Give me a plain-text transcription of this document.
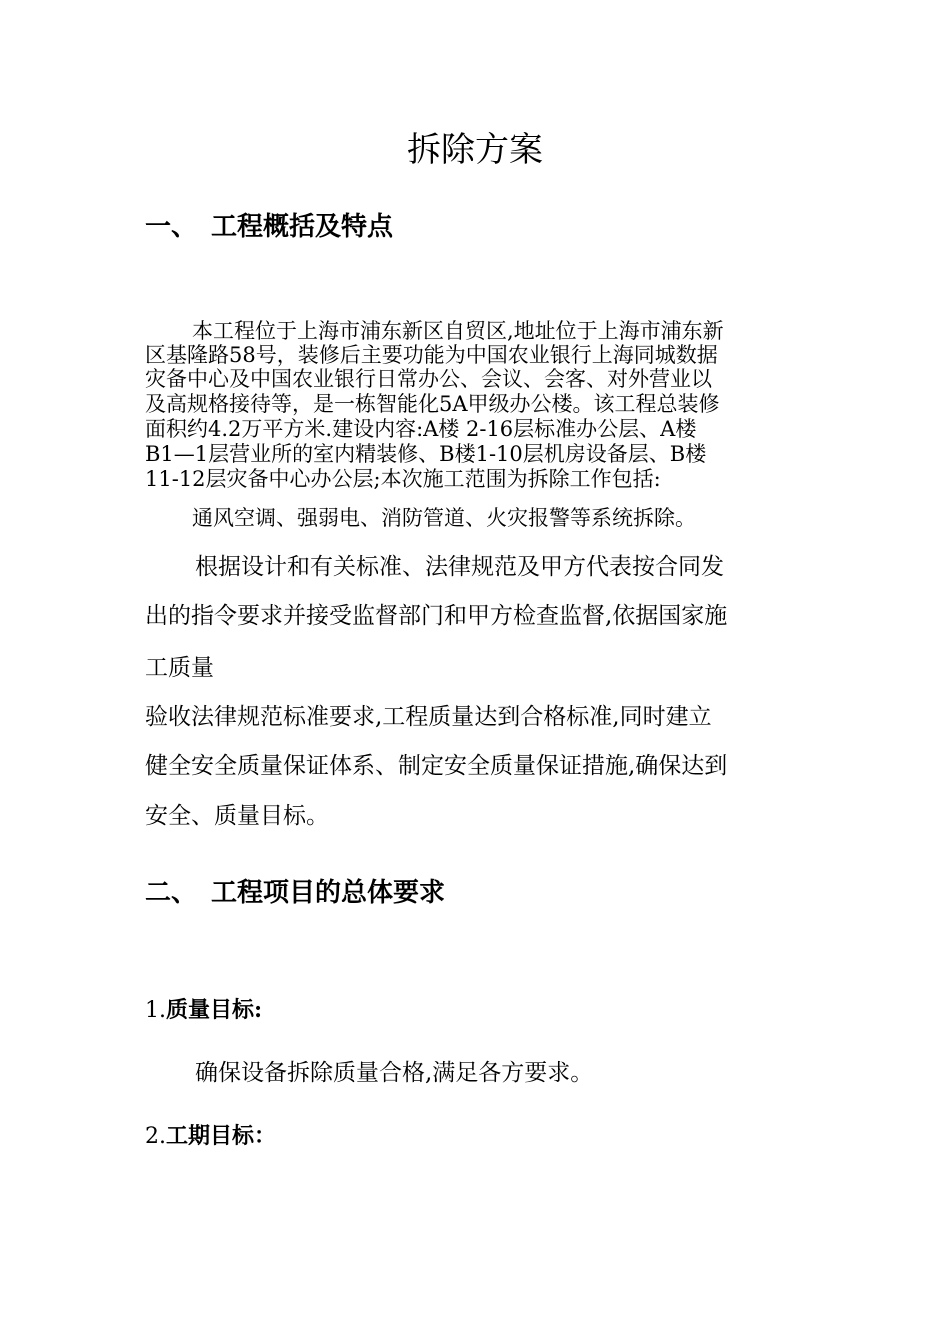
拆除方案
一、 工程概括及特点

本工程位于上海市浦东新区自贸区,地址位于上海市浦东新

区基隆路58号，装修后主要功能为中国农业银行上海同城数据

灾备中心及中国农业银行日常办公、会议、会客、对外营业以

及高规格接待等，是一栋智能化5A甲级办公楼。该工程总装修

面积约4.2万平方米.建设内容:A楼 2-16层标准办公层、A楼

B1—1层营业所的室内精装修、B楼1-10层机房设备层、B楼

11-12层灾备中心办公层;本次施工范围为拆除工作包括:

通风空调、强弱电、消防管道、火灾报警等系统拆除。

根据设计和有关标准、法律规范及甲方代表按合同发

出的指令要求并接受监督部门和甲方检查监督,依据国家施

工质量

验收法律规范标准要求,工程质量达到合格标准,同时建立

健全安全质量保证体系、制定安全质量保证措施,确保达到

安全、质量目标。

二、 工程项目的总体要求
1.质量目标:

确保设备拆除质量合格,满足各方要求。

2.工期目标：
